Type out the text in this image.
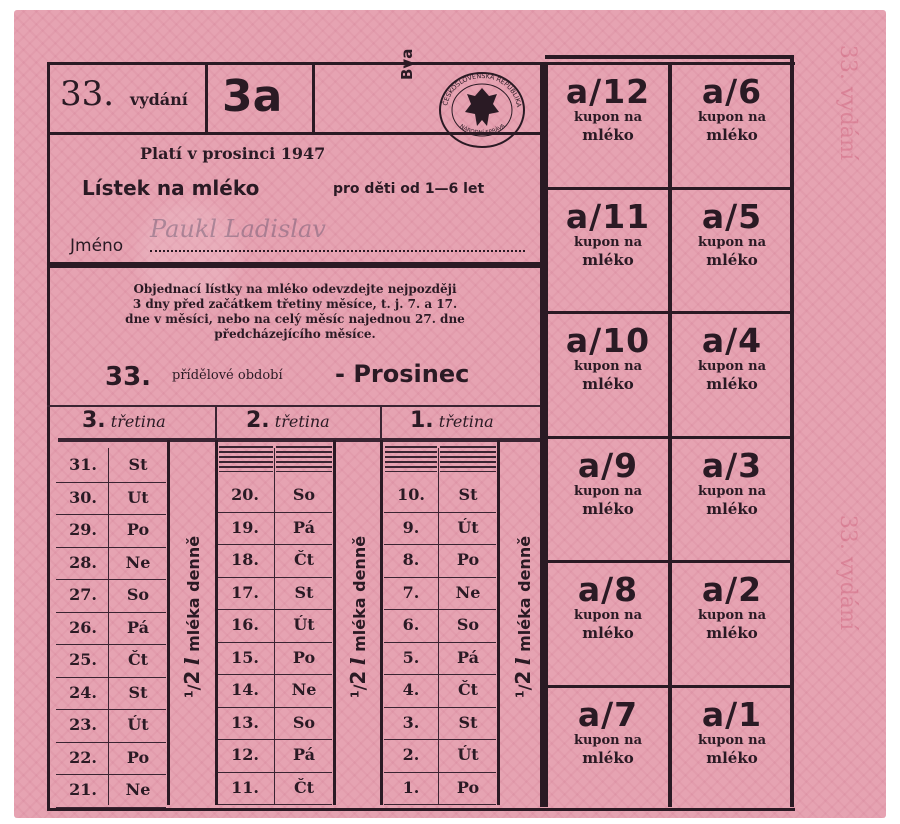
33. vydání
33. vydání
33. vydání 3a
Bva
ČESKOSLOVENSKÁ REPUBLIKA
NÁRODNÍ SPRÁVA
Platí v prosinci 1947
Lístek na mléko	pro děti od 1—6 let
Jméno
Paukl Ladislav
Objednací lístky na mléko odevzdejte nejpozději
3 dny před začátkem třetiny měsíce, t. j. 7. a 17.
dne v měsíci, nebo na celý měsíc najednou 27. dne
předcházejícího měsíce.
33. přídělové období - Prosinec
3. třetina	2. třetina	1. třetina
31.	St
30.	Ut
29.	Po
28.	Ne
27.	So
26.	Pá
25.	Čt
24.	St
23.	Út
22.	Po
21.	Ne
20.	So
19.	Pá
18.	Čt
17.	St
16.	Út
15.	Po
14.	Ne
13.	So
12.	Pá
11.	Čt
10.	St
9.	Út
8.	Po
7.	Ne
6.	So
5.	Pá
4.	Čt
3.	St
2.	Út
1.	Po
$^1$/2 l mléka denně
$^1$/2 l mléka denně
$^1$/2 l mléka denně
a/12
kupon na
mléko
a/6
kupon na
mléko
a/11
kupon na
mléko
a/5
kupon na
mléko
a/10
kupon na
mléko
a/4
kupon na
mléko
a/9
kupon na
mléko
a/3
kupon na
mléko
a/8
kupon na
mléko
a/2
kupon na
mléko
a/7
kupon na
mléko
a/1
kupon na
mléko
